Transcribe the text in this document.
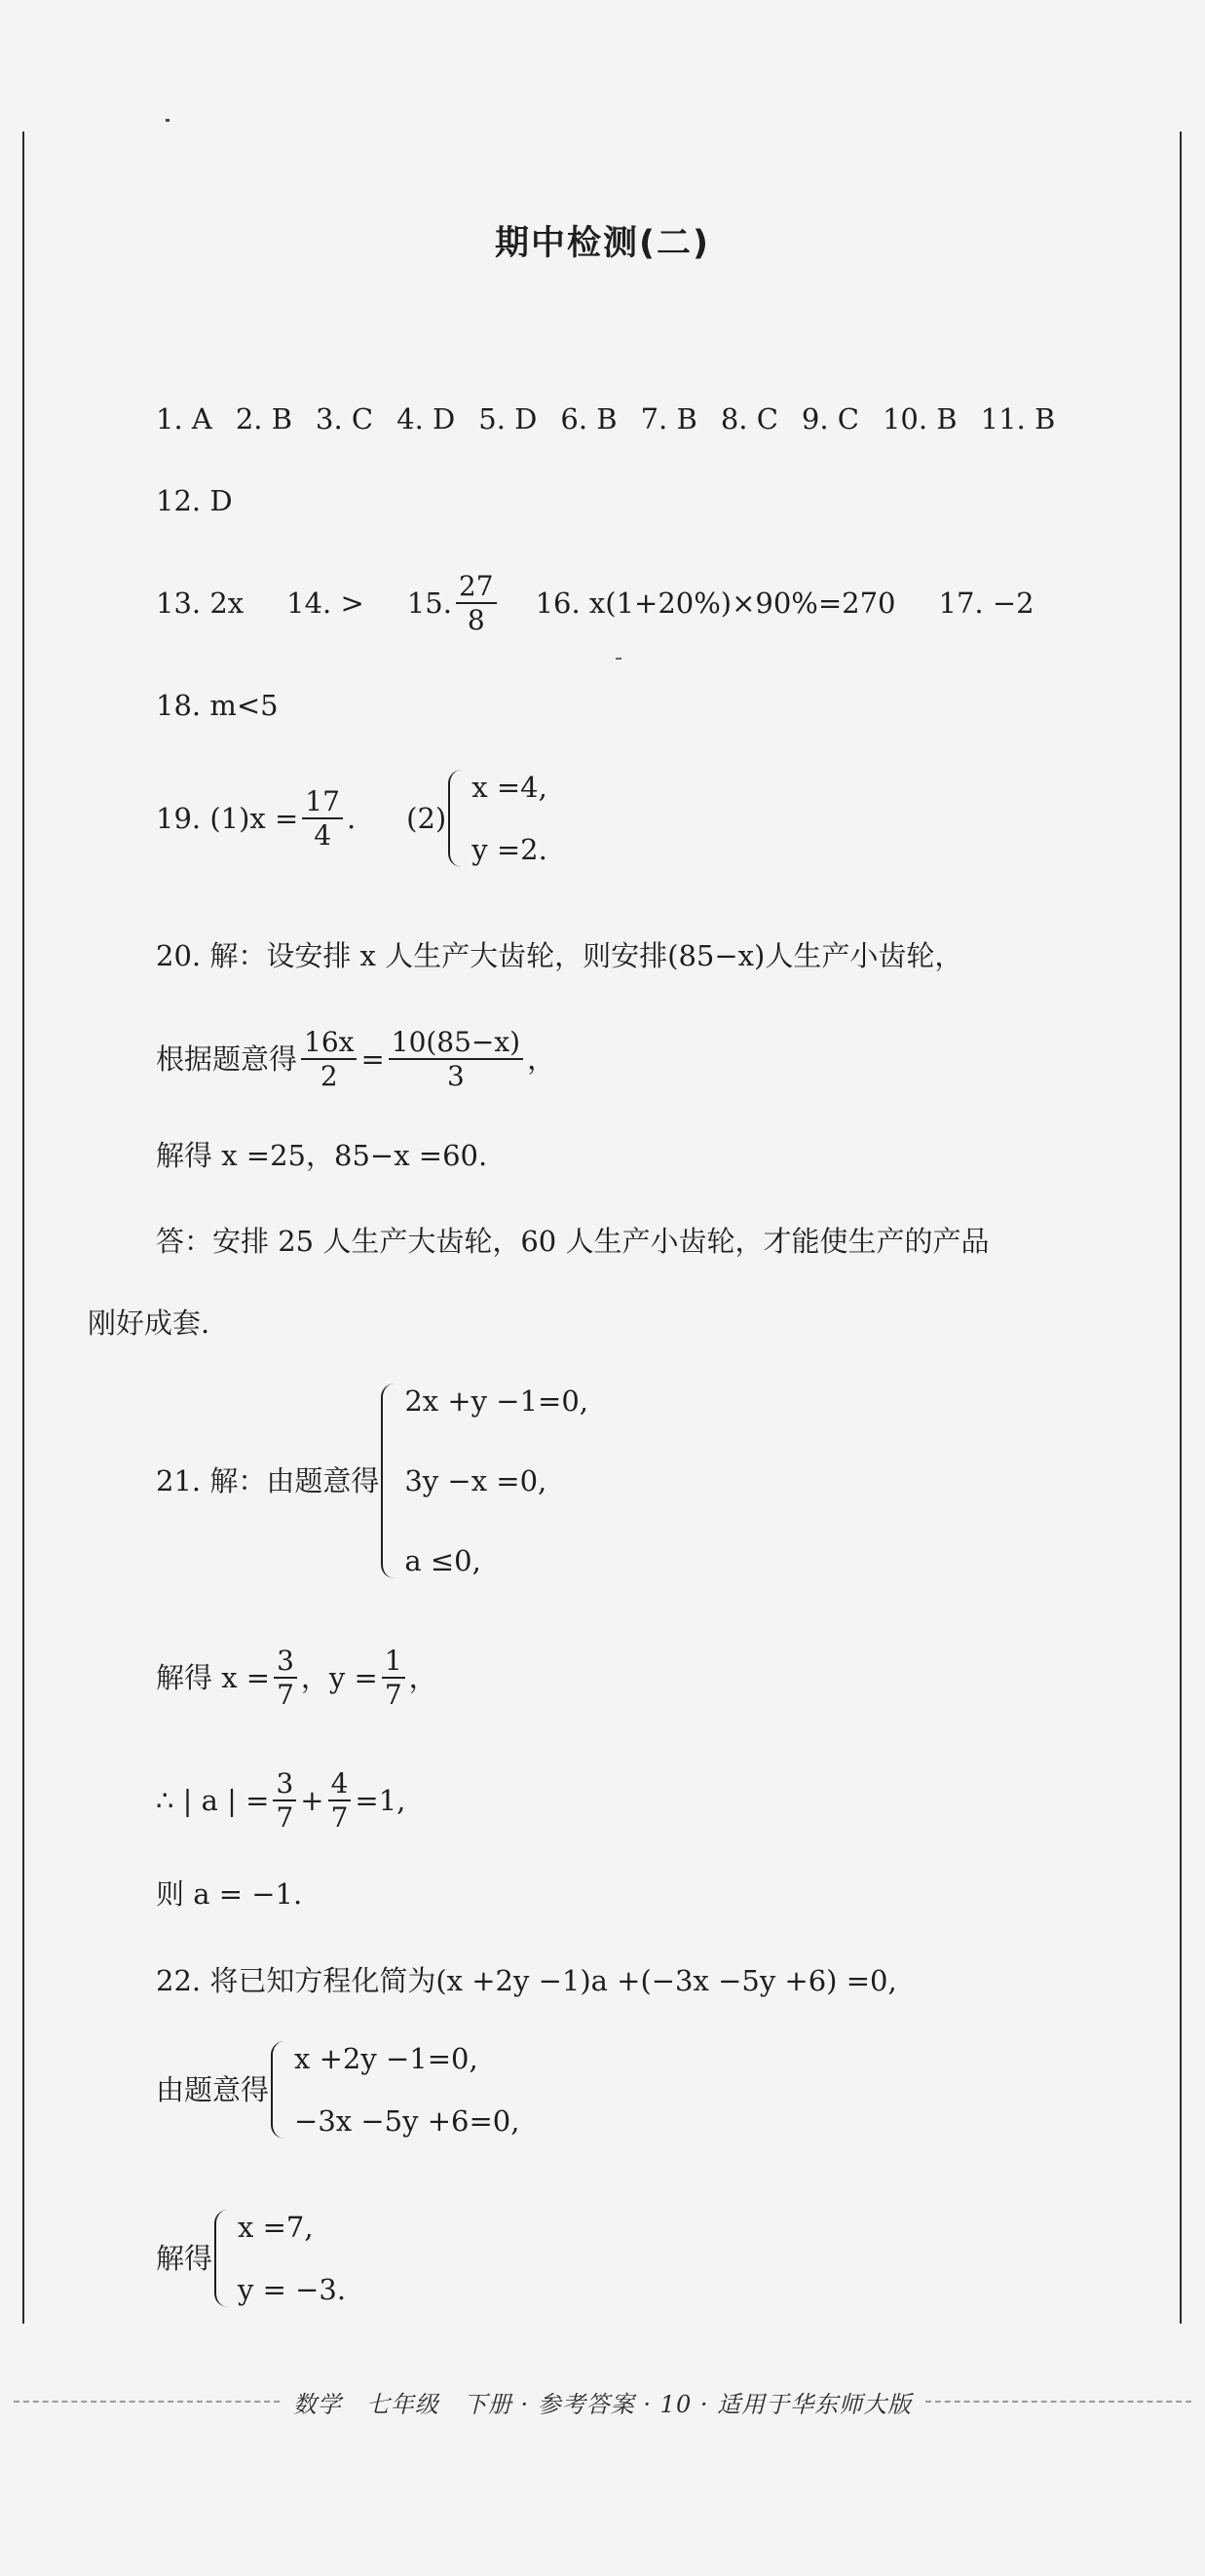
期中检测(二)
1. A 2. B 3. C 4. D 5. D 6. B 7. B 8. C 9. C 10. B 11. B
12. D
13. 2x 14. > 15. $\frac{27}{8} 16$. x(1+20%)×90%=270 17. −2
18. m<5
19. $(1)x = \frac{17}{4}$ . (2)
x =4,
y =2.
20. 解：设安排 x 人生产大齿轮，则安排(85−x)人生产小齿轮，
根据题意得 $\frac{16x}{2} = \frac{10(85-x)}{3}$ ，
解得 x =25，85−x =60.
答：安排 25 人生产大齿轮，60 人生产小齿轮，才能使生产的产品
刚好成套.
21. 解：由题意得
2x +y −1=0,
3y −x =0,
a ≤0,
解得 $x = \frac{3}{7}$ ，$y = \frac{1}{7}$ ，
∴ | a | = $\frac{3}{7} + \frac{4}{7} =1$,
则 a = −1.
22. 将已知方程化简为(x +2y −1)a +(−3x −5y +6) =0,
由题意得
x +2y −1=0,
−3x −5y +6=0,
解得
x =7,
y = −3.
数学　七年级　下册 · 参考答案 · 10 · 适用于华东师大版
